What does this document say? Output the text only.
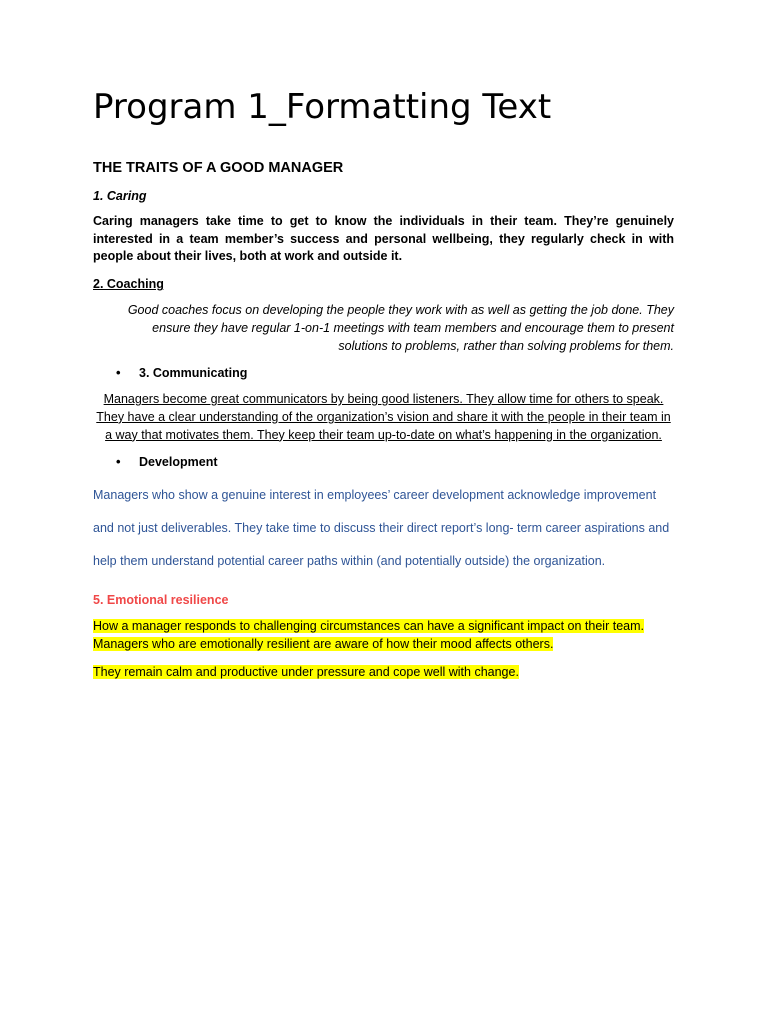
Program 1_Formatting Text
THE TRAITS OF A GOOD MANAGER

1. Caring

Caring managers take time to get to know the individuals in their team. They’re genuinely interested in a team member’s success and personal wellbeing, they regularly check in with people about their lives, both at work and outside it.

2. Coaching

Good coaches focus on developing the people they work with as well as getting the job done. They ensure they have regular 1-on-1 meetings with team members and encourage them to present solutions to problems, rather than solving problems for them.

• 3. Communicating

Managers become great communicators by being good listeners. They allow time for others to speak. They have a clear understanding of the organization’s vision and share it with the people in their team in a way that motivates them. They keep their team up-to-date on what’s happening in the organization.

• Development

Managers who show a genuine interest in employees’ career development acknowledge improvement and not just deliverables. They take time to discuss their direct report’s long- term career aspirations and help them understand potential career paths within (and potentially outside) the organization.

5. Emotional resilience

How a manager responds to challenging circumstances can have a significant impact on their team. Managers who are emotionally resilient are aware of how their mood affects others.

They remain calm and productive under pressure and cope well with change.
